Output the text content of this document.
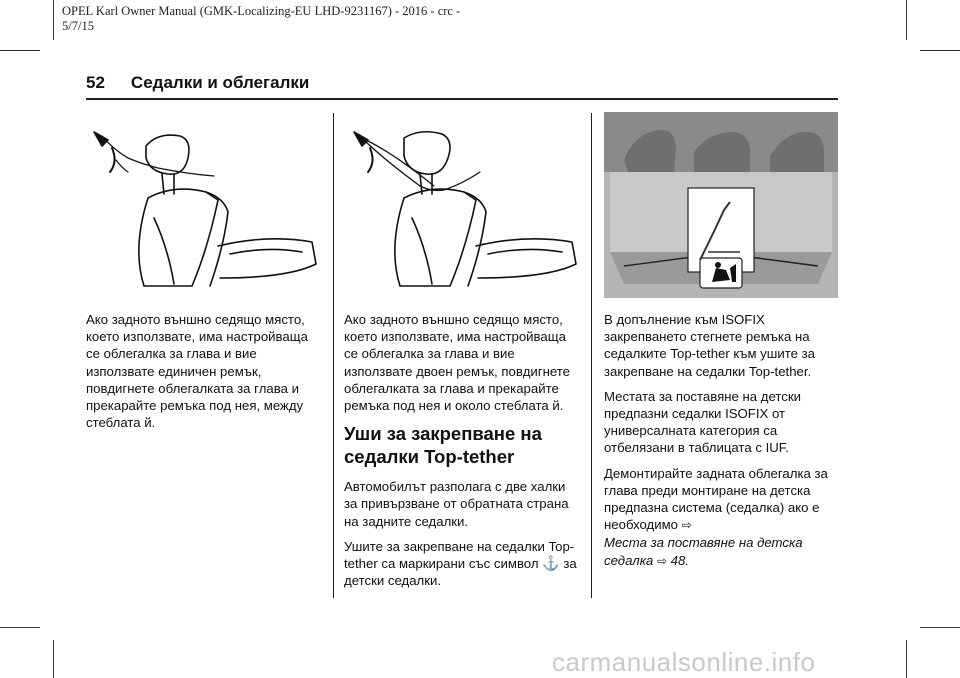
OPEL Karl Owner Manual (GMK-Localizing-EU LHD-9231167) - 2016 - crc -
5/7/15
52 Седалки и облегалки

Ако задното външно седящо място, което използвате, има настройваща се облегалка за глава и вие използвате единичен ремък, повдигнете облегалката за глава и прекарайте ремъка под нея, между стеблата й.

Ако задното външно седящо място, което използвате, има настройваща се облегалка за глава и вие използвате двоен ремък, повдигнете облегалката за глава и прекарайте ремъка под нея и около стеблата й.

Уши за закрепване на седалки Top-tether

Автомобилът разполага с две халки за привързване от обратната страна на задните седалки.

Ушите за закрепване на седалки Top-tether са маркирани със символ ⚓ за детски седалки.

В допълнение към ISOFIX закрепването стегнете ремъка на седалките Top-tether към ушите за закрепване на седалки Top-tether.

Местата за поставяне на детски предпазни седалки ISOFIX от универсалната категория са отбелязани в таблицата с IUF.

Демонтирайте задната облегалка за глава преди монтиране на детска предпазна система (седалка) ако е необходимо ⇨
Места за поставяне на детска седалка ⇨ 48.

carmanualsonline.info
